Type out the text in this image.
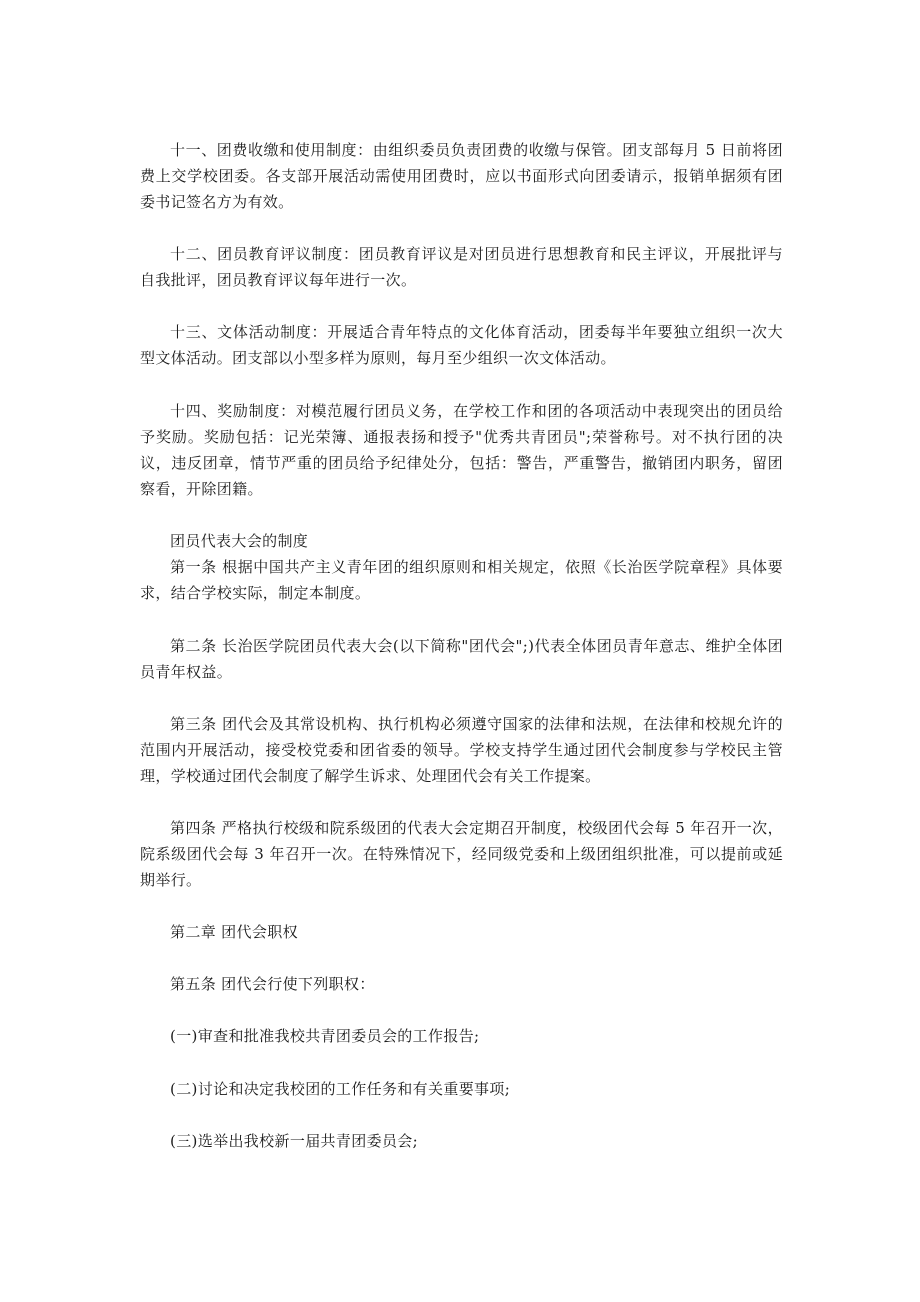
十一、团费收缴和使用制度：由组织委员负责团费的收缴与保管。团支部每月 5 日前将团费上交学校团委。各支部开展活动需使用团费时，应以书面形式向团委请示，报销单据须有团委书记签名方为有效。

十二、团员教育评议制度：团员教育评议是对团员进行思想教育和民主评议，开展批评与自我批评，团员教育评议每年进行一次。

十三、文体活动制度：开展适合青年特点的文化体育活动，团委每半年要独立组织一次大型文体活动。团支部以小型多样为原则，每月至少组织一次文体活动。

十四、奖励制度：对模范履行团员义务，在学校工作和团的各项活动中表现突出的团员给予奖励。奖励包括：记光荣簿、通报表扬和授予"优秀共青团员";荣誉称号。对不执行团的决议，违反团章，情节严重的团员给予纪律处分，包括：警告，严重警告，撤销团内职务，留团察看，开除团籍。

团员代表大会的制度

第一条 根据中国共产主义青年团的组织原则和相关规定，依照《长治医学院章程》具体要求，结合学校实际，制定本制度。

第二条 长治医学院团员代表大会(以下简称"团代会";)代表全体团员青年意志、维护全体团员青年权益。

第三条 团代会及其常设机构、执行机构必须遵守国家的法律和法规，在法律和校规允许的范围内开展活动，接受校党委和团省委的领导。学校支持学生通过团代会制度参与学校民主管理，学校通过团代会制度了解学生诉求、处理团代会有关工作提案。

第四条 严格执行校级和院系级团的代表大会定期召开制度，校级团代会每 5 年召开一次，院系级团代会每 3 年召开一次。在特殊情况下，经同级党委和上级团组织批准，可以提前或延期举行。

第二章 团代会职权

第五条 团代会行使下列职权：

(一)审查和批准我校共青团委员会的工作报告;

(二)讨论和决定我校团的工作任务和有关重要事项;

(三)选举出我校新一届共青团委员会;
